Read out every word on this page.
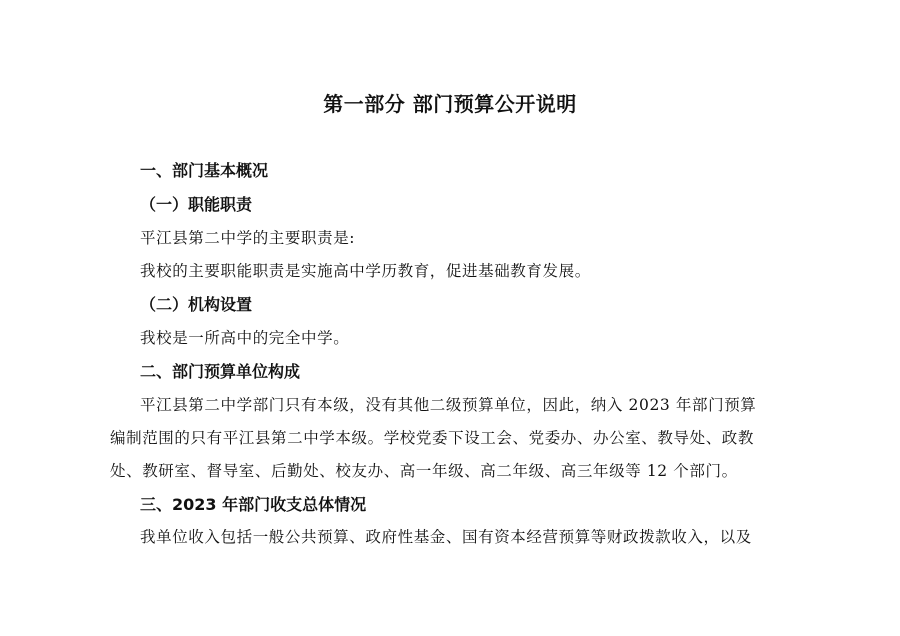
第一部分 部门预算公开说明
一、部门基本概况
（一）职能职责
平江县第二中学的主要职责是:
我校的主要职能职责是实施高中学历教育，促进基础教育发展。
（二）机构设置
我校是一所高中的完全中学。
二、部门预算单位构成
平江县第二中学部门只有本级，没有其他二级预算单位，因此，纳入 2023 年部门预算
编制范围的只有平江县第二中学本级。学校党委下设工会、党委办、办公室、教导处、政教
处、教研室、督导室、后勤处、校友办、高一年级、高二年级、高三年级等 12 个部门。
三、2023 年部门收支总体情况
我单位收入包括一般公共预算、政府性基金、国有资本经营预算等财政拨款收入，以及
